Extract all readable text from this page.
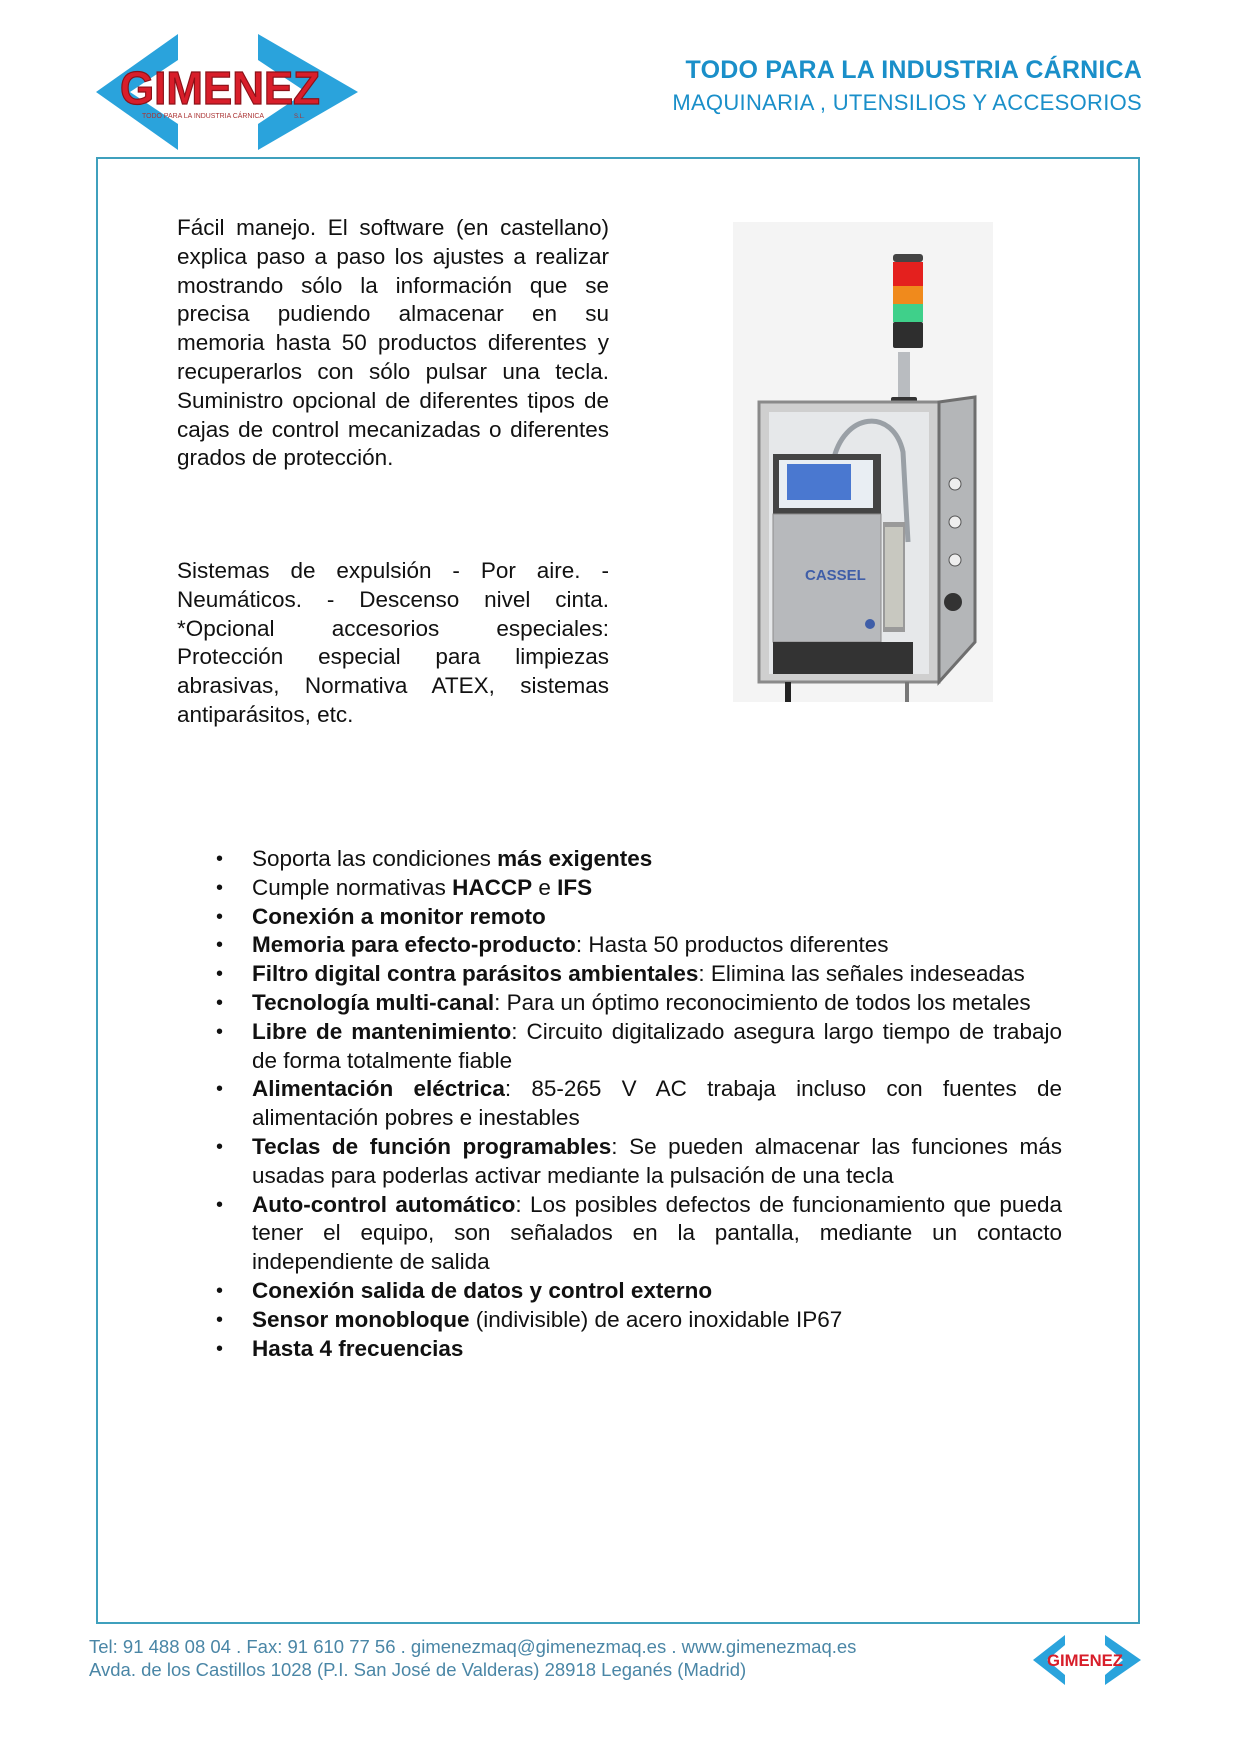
GIMENEZ
TODO PARA LA INDUSTRIA CÁRNICA	S.L.
TODO PARA LA INDUSTRIA CÁRNICA
MAQUINARIA , UTENSILIOS Y ACCESORIOS

Fácil manejo. El software (en castellano) explica paso a paso los ajustes a realizar mostrando sólo la información que se precisa pudiendo almacenar en su memoria hasta 50 productos diferentes y recuperarlos con sólo pulsar una tecla. Suministro opcional de diferentes tipos de cajas de control mecanizadas o diferentes grados de protección.

Sistemas de expulsión - Por aire. - Neumáticos. - Descenso nivel cinta. *Opcional accesorios especiales: Protección especial para limpiezas abrasivas, Normativa ATEX, sistemas antiparásitos, etc.

CASSEL
• Soporta las condiciones más exigentes
• Cumple normativas HACCP e IFS
• Conexión a monitor remoto
• Memoria para efecto-producto: Hasta 50 productos diferentes
• Filtro digital contra parásitos ambientales: Elimina las señales indeseadas
• Tecnología multi-canal: Para un óptimo reconocimiento de todos los metales
• Libre de mantenimiento: Circuito digitalizado asegura largo tiempo de trabajo de forma totalmente fiable
• Alimentación eléctrica: 85-265 V AC trabaja incluso con fuentes de alimentación pobres e inestables
• Teclas de función programables: Se pueden almacenar las funciones más usadas para poderlas activar mediante la pulsación de una tecla
• Auto-control automático: Los posibles defectos de funcionamiento que pueda tener el equipo, son señalados en la pantalla, mediante un contacto independiente de salida
• Conexión salida de datos y control externo
• Sensor monobloque (indivisible) de acero inoxidable IP67
• Hasta 4 frecuencias
Tel: 91 488 08 04 . Fax: 91 610 77 56 . gimenezmaq@gimenezmaq.es . www.gimenezmaq.es
Avda. de los Castillos 1028 (P.I. San José de Valderas) 28918 Leganés (Madrid)	GIMENEZ
